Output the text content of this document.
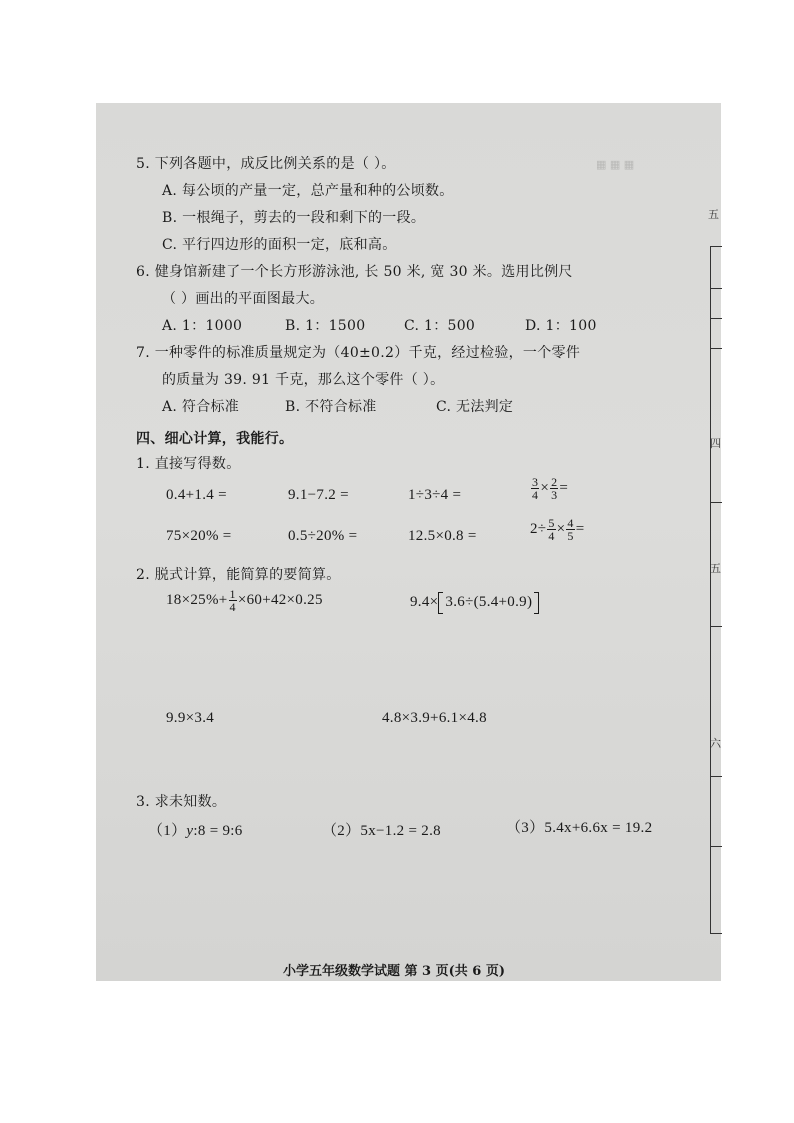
5. 下列各题中，成反比例关系的是（ ）。
A. 每公顷的产量一定，总产量和种的公顷数。
B. 一根绳子，剪去的一段和剩下的一段。
C. 平行四边形的面积一定，底和高。
6. 健身馆新建了一个长方形游泳池, 长 50 米, 宽 30 米。选用比例尺
（ ）画出的平面图最大。
A. 1：1000	B. 1：1500	C. 1：500	D. 1：100
7. 一种零件的标准质量规定为（40±0.2）千克，经过检验，一个零件
的质量为 39. 91 千克，那么这个零件（ ）。
A. 符合标准	B. 不符合标准	C. 无法判定
四、细心计算，我能行。
1. 直接写得数。
0.4+1.4 =	9.1−7.2 =	1÷3÷4 =	$\frac{3}{4} \times \frac{2}{3}$ =
75×20% =	0.5÷20% =	12.5×0.8 =	$2\div \frac{5}{4} \times \frac{4}{5}$ =
2. 脱式计算，能简算的要简算。
$18\times 25\%+ \frac{1}{4} \times 60+42\times 0.25$	9.4× 3.6÷(5.4+0.9)
9.9×3.4	4.8×3.9+6.1×4.8
3. 求未知数。
（1）y:8 = 9:6	（2）5x−1.2 = 2.8	（3）5.4x+6.6x = 19.2
▦ ▦ ▦
五
四
五
六
小学五年级数学试题 第 3 页(共 6 页)
